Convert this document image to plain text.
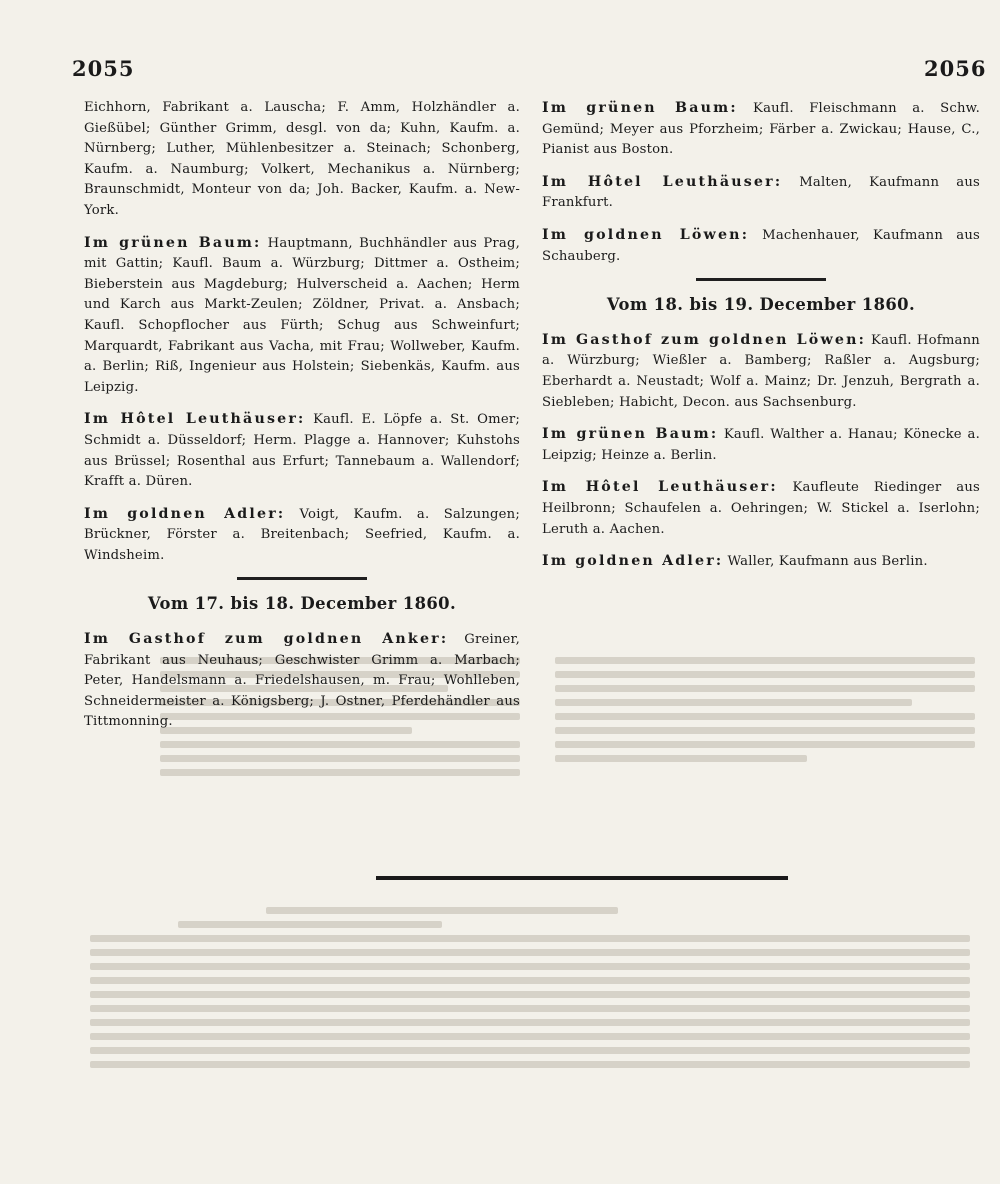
2055	2056

Eichhorn, Fabrikant a. Lauscha; F. Amm, Holzhändler a. Gießübel; Günther Grimm, desgl. von da; Kuhn, Kaufm. a. Nürnberg; Luther, Mühlenbesitzer a. Steinach; Schonberg, Kaufm. a. Naumburg; Volkert, Mechanikus a. Nürnberg; Braunschmidt, Monteur von da; Joh. Backer, Kaufm. a. New-York.

Im grünen Baum: Hauptmann, Buchhändler aus Prag, mit Gattin; Kaufl. Baum a. Würzburg; Dittmer a. Ostheim; Bieberstein aus Magdeburg; Hulverscheid a. Aachen; Herm und Karch aus Markt-Zeulen; Zöldner, Privat. a. Ansbach; Kaufl. Schopflocher aus Fürth; Schug aus Schweinfurt; Marquardt, Fabrikant aus Vacha, mit Frau; Wollweber, Kaufm. a. Berlin; Riß, Ingenieur aus Holstein; Siebenkäs, Kaufm. aus Leipzig.

Im Hôtel Leuthäuser: Kaufl. E. Löpfe a. St. Omer; Schmidt a. Düsseldorf; Herm. Plagge a. Hannover; Kuhstohs aus Brüssel; Rosenthal aus Erfurt; Tannebaum a. Wallendorf; Krafft a. Düren.

Im goldnen Adler: Voigt, Kaufm. a. Salzungen; Brückner, Förster a. Breitenbach; Seefried, Kaufm. a. Windsheim.

Vom 17. bis 18. December 1860.

Im Gasthof zum goldnen Anker: Greiner, Fabrikant aus Neuhaus; Geschwister Grimm a. Marbach; Peter, Handelsmann a. Friedelshausen, m. Frau; Wohlleben, Schneidermeister a. Königsberg; J. Ostner, Pferdehändler aus Tittmonning.

Im grünen Baum: Kaufl. Fleischmann a. Schw. Gemünd; Meyer aus Pforzheim; Färber a. Zwickau; Hause, C., Pianist aus Boston.

Im Hôtel Leuthäuser: Malten, Kaufmann aus Frankfurt.

Im goldnen Löwen: Machenhauer, Kaufmann aus Schauberg.

Vom 18. bis 19. December 1860.

Im Gasthof zum goldnen Löwen: Kaufl. Hofmann a. Würzburg; Wießler a. Bamberg; Raßler a. Augsburg; Eberhardt a. Neustadt; Wolf a. Mainz; Dr. Jenzuh, Bergrath a. Siebleben; Habicht, Decon. aus Sachsenburg.

Im grünen Baum: Kaufl. Walther a. Hanau; Könecke a. Leipzig; Heinze a. Berlin.

Im Hôtel Leuthäuser: Kaufleute Riedinger aus Heilbronn; Schaufelen a. Oehringen; W. Stickel a. Iserlohn; Leruth a. Aachen.

Im goldnen Adler: Waller, Kaufmann aus Berlin.
